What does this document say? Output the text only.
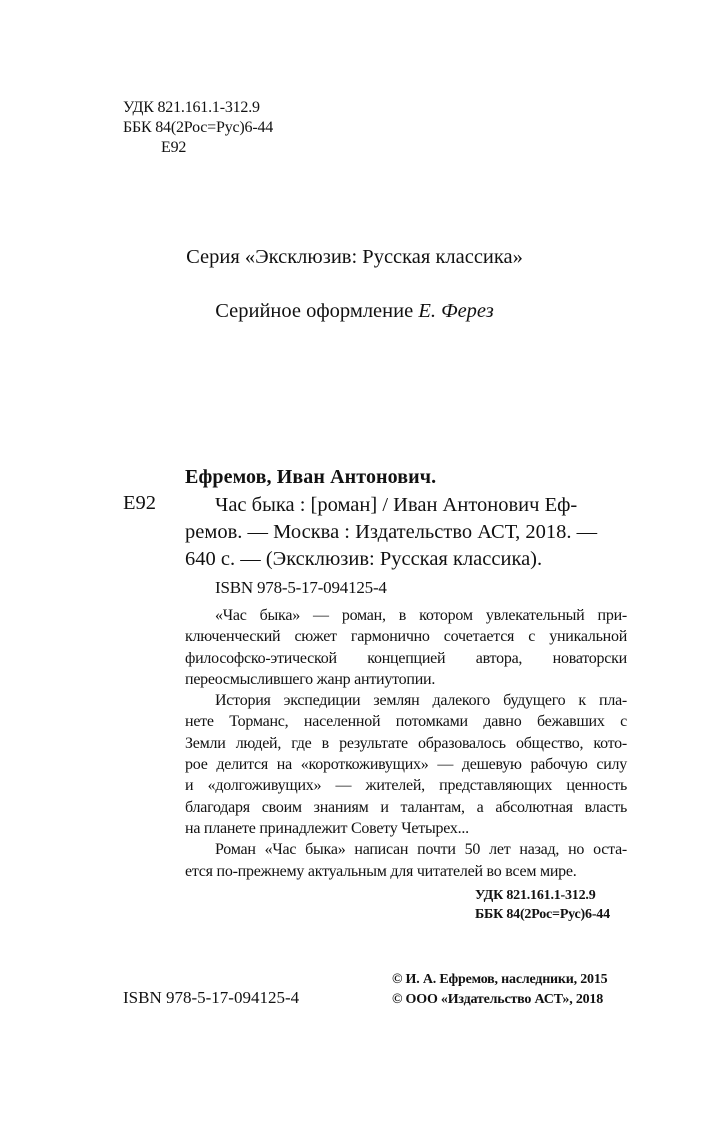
УДК 821.161.1-312.9
ББК 84(2Рос=Рус)6-44
Е92
Серия «Эксклюзив: Русская классика»
Серийное оформление Е. Ферез
Ефремов, Иван Антонович.
Е92	Час быка : [роман] / Иван Антонович Еф-
ремов. — Москва : Издательство АСТ, 2018. —
640 с. — (Эксклюзив: Русская классика).
ISBN 978-5-17-094125-4

«Час быка» — роман, в котором увлекательный при-
ключенческий сюжет гармонично сочетается с уникальной
философско-этической концепцией автора, новаторски
переосмыслившего жанр антиутопии.

История экспедиции землян далекого будущего к пла-
нете Торманс, населенной потомками давно бежавших с
Земли людей, где в результате образовалось общество, кото-
рое делится на «короткоживущих» — дешевую рабочую силу
и «долгоживущих» — жителей, представляющих ценность
благодаря своим знаниям и талантам, а абсолютная власть
на планете принадлежит Совету Четырех...

Роман «Час быка» написан почти 50 лет назад, но оста-
ется по-прежнему актуальным для читателей во всем мире.

УДК 821.161.1-312.9
ББК 84(2Рос=Рус)6-44
ISBN 978-5-17-094125-4
© И. А. Ефремов, наследники, 2015
© ООО «Издательство АСТ», 2018
